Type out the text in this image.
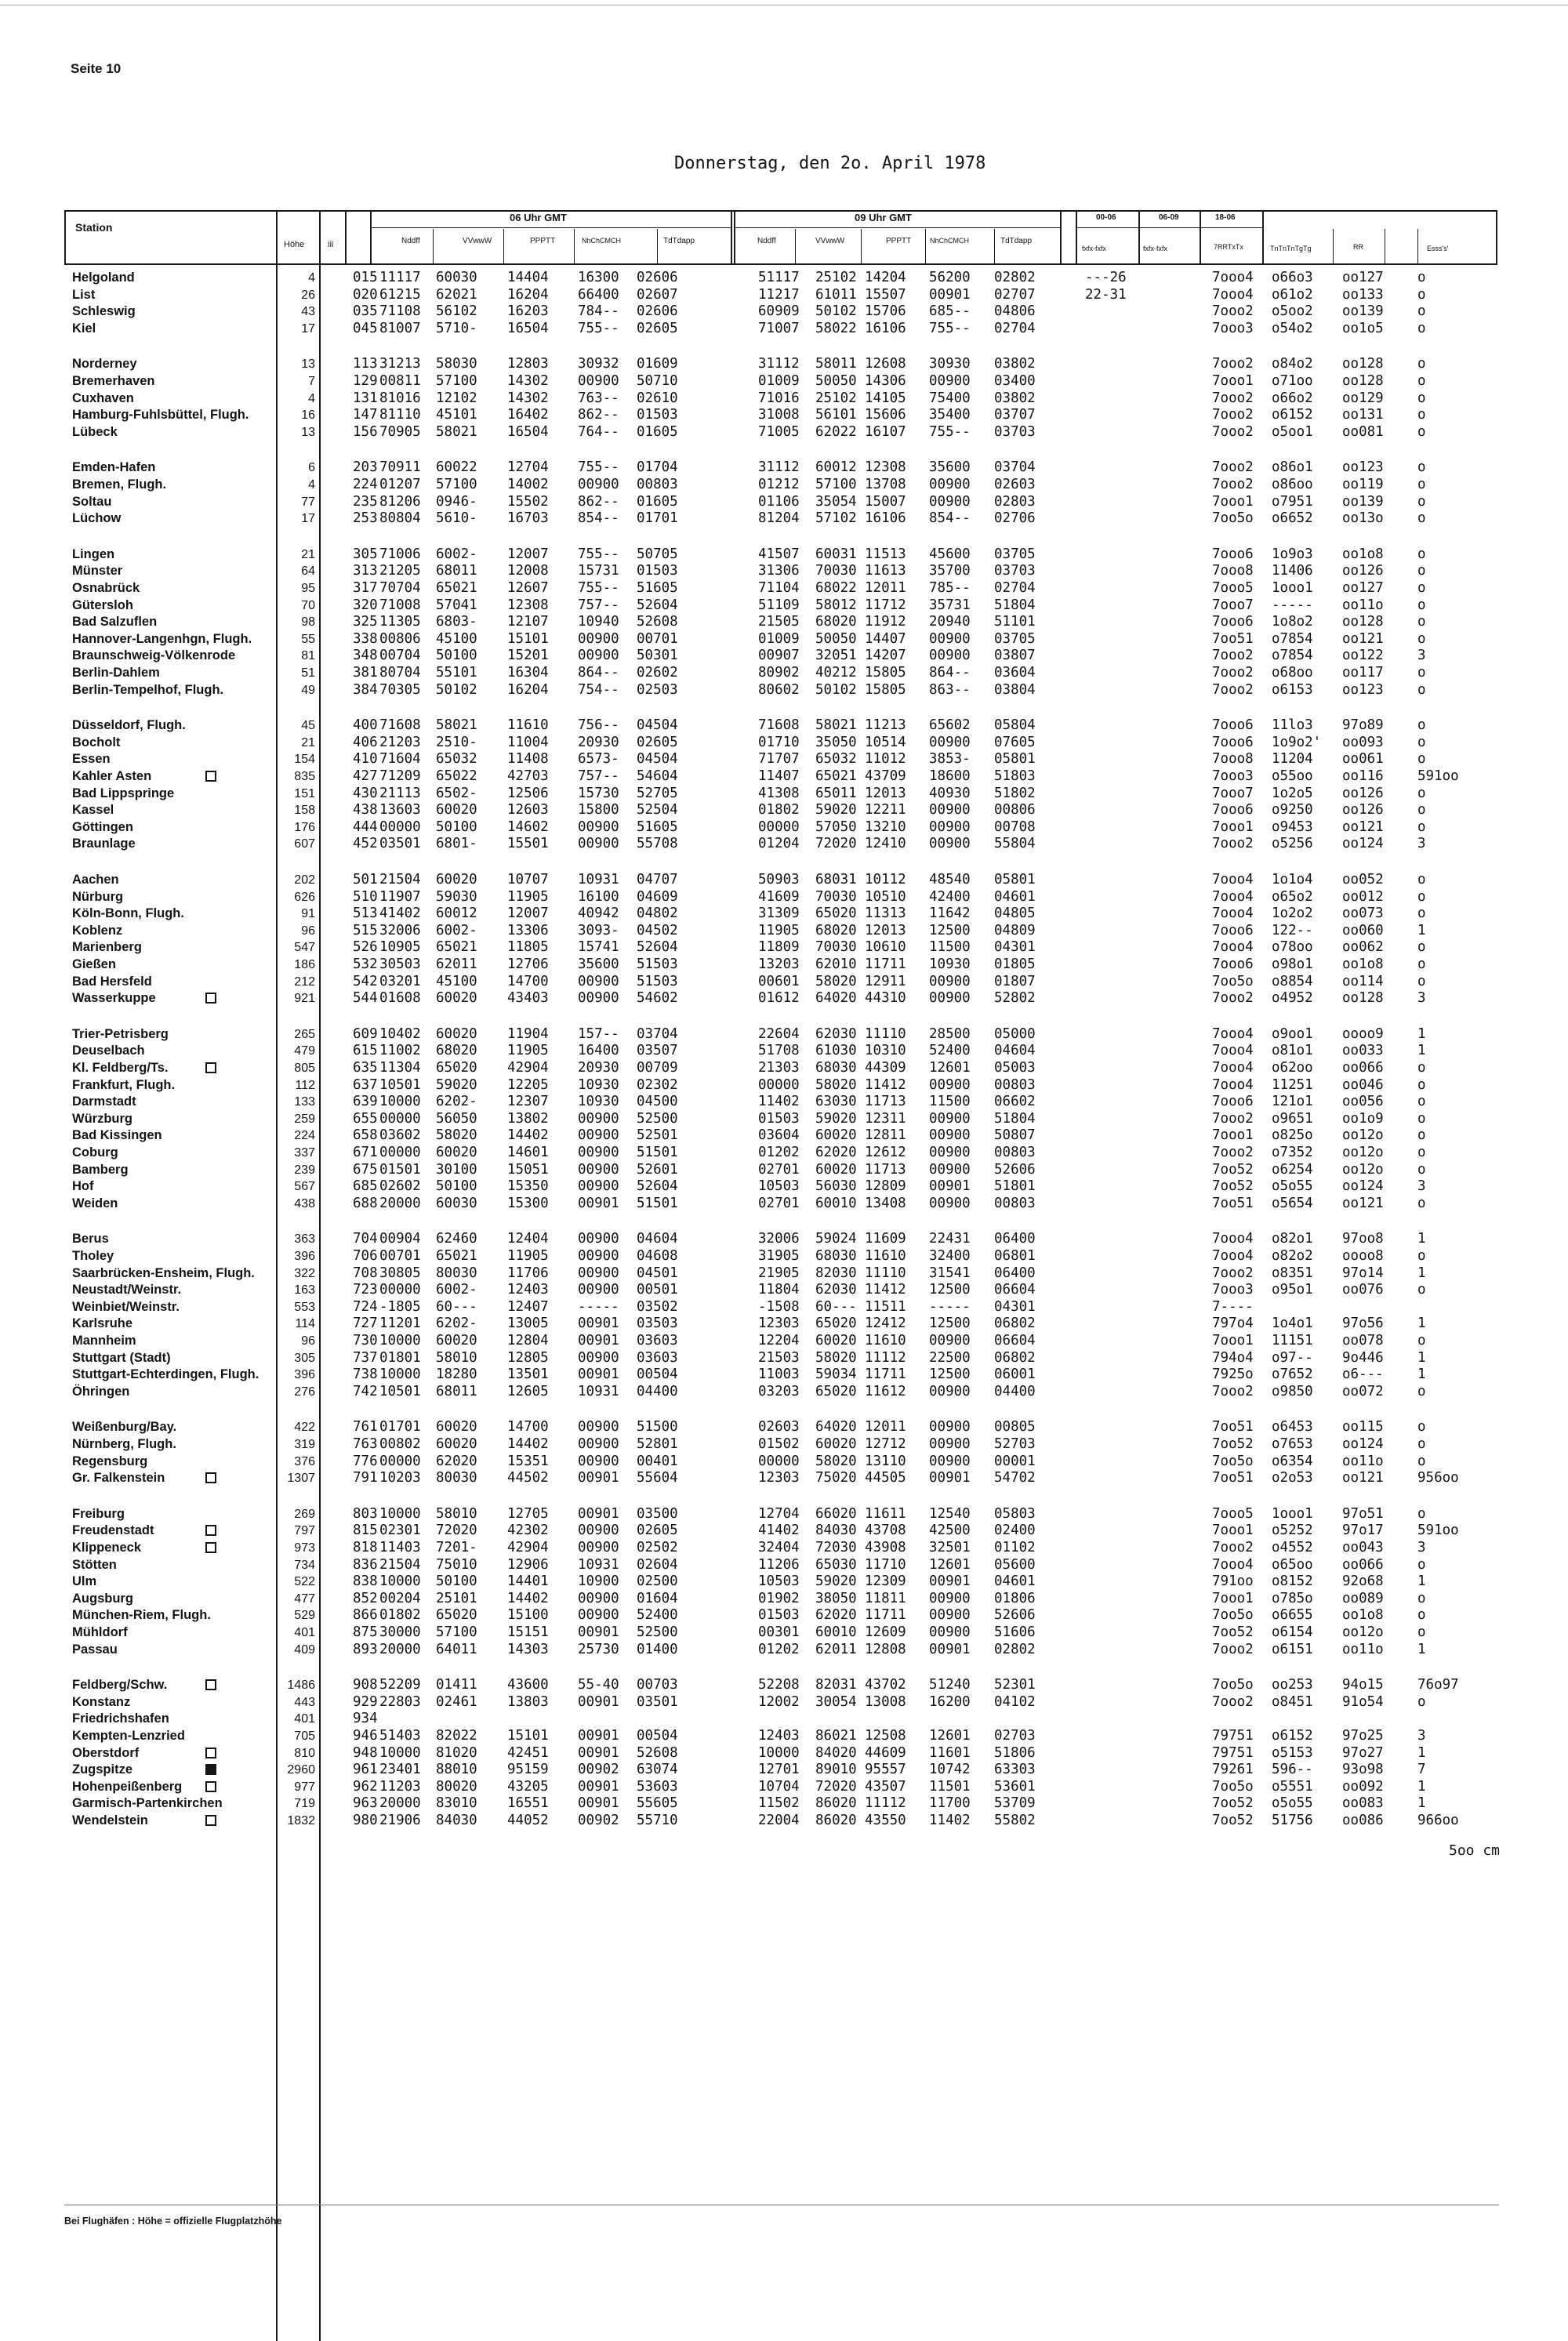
Seite 10
Donnerstag, den 2o. April 1978
Station
Höhe	iii
06 Uhr GMT	09 Uhr GMT
Nddff	VVwwW	PPPTT	NhChCMCH	TdTdapp	Nddff	VVwwW	PPPTT	NhChCMCH	TdTdapp
00-06	06-09	18-06
fxfx-fxfx	fxfx-fxfx	7RRTxTx	TnTnTnTgTg	RR	Esss's'
Helgoland	4	015 11117 60030 14404 16300 02606	51117 25102 14204 56200 02802	---26	7ooo4 o66o3 oo127 o
List	26	020 61215 62021 16204 66400 02607	11217 61011 15507 00901 02707	22-31	7ooo4 o61o2 oo133 o
Schleswig	43	035 71108 56102 16203 784-- 02606	60909 50102 15706 685-- 04806	7ooo2 o5oo2 oo139 o
Kiel	17	045 81007 5710- 16504 755-- 02605	71007 58022 16106 755-- 02704	7ooo3 o54o2 oo1o5 o
Norderney	13	113 31213 58030 12803 30932 01609	31112 58011 12608 30930 03802	7ooo2 o84o2 oo128 o
Bremerhaven	7	129 00811 57100 14302 00900 50710	01009 50050 14306 00900 03400	7ooo1 o71oo oo128 o
Cuxhaven	4	131 81016 12102 14302 763-- 02610	71016 25102 14105 75400 03802	7ooo2 o66o2 oo129 o
Hamburg-Fuhlsbüttel, Flugh.	16	147 81110 45101 16402 862-- 01503	31008 56101 15606 35400 03707	7ooo2 o6152 oo131 o
Lübeck	13	156 70905 58021 16504 764-- 01605	71005 62022 16107 755-- 03703	7ooo2 o5oo1 oo081 o
Emden-Hafen	6	203 70911 60022 12704 755-- 01704	31112 60012 12308 35600 03704	7ooo2 o86o1 oo123 o
Bremen, Flugh.	4	224 01207 57100 14002 00900 00803	01212 57100 13708 00900 02603	7ooo2 o86oo oo119 o
Soltau	77	235 81206 0946- 15502 862-- 01605	01106 35054 15007 00900 02803	7ooo1 o7951 oo139 o
Lüchow	17	253 80804 5610- 16703 854-- 01701	81204 57102 16106 854-- 02706	7oo5o o6652 oo13o o
Lingen	21	305 71006 6002- 12007 755-- 50705	41507 60031 11513 45600 03705	7ooo6 1o9o3 oo1o8 o
Münster	64	313 21205 68011 12008 15731 01503	31306 70030 11613 35700 03703	7ooo8 11406 oo126 o
Osnabrück	95	317 70704 65021 12607 755-- 51605	71104 68022 12011 785-- 02704	7ooo5 1ooo1 oo127 o
Gütersloh	70	320 71008 57041 12308 757-- 52604	51109 58012 11712 35731 51804	7ooo7 ----- oo11o o
Bad Salzuflen	98	325 11305 6803- 12107 10940 52608	21505 68020 11912 20940 51101	7ooo6 1o8o2 oo128 o
Hannover-Langenhgn, Flugh.	55	338 00806 45100 15101 00900 00701	01009 50050 14407 00900 03705	7oo51 o7854 oo121 o
Braunschweig-Völkenrode	81	348 00704 50100 15201 00900 50301	00907 32051 14207 00900 03807	7ooo2 o7854 oo122 3
Berlin-Dahlem	51	381 80704 55101 16304 864-- 02602	80902 40212 15805 864-- 03604	7ooo2 o68oo oo117 o
Berlin-Tempelhof, Flugh.	49	384 70305 50102 16204 754-- 02503	80602 50102 15805 863-- 03804	7ooo2 o6153 oo123 o
Düsseldorf, Flugh.	45	400 71608 58021 11610 756-- 04504	71608 58021 11213 65602 05804	7ooo6 11lo3 97o89 o
Bocholt	21	406 21203 2510- 11004 20930 02605	01710 35050 10514 00900 07605	7ooo6 1o9o2' oo093 o
Essen	154	410 71604 65032 11408 6573- 04504	71707 65032 11012 3853- 05801	7ooo8 11204 oo061 o
Kahler Asten	835	427 71209 65022 42703 757-- 54604	11407 65021 43709 18600 51803	7ooo3 o55oo oo116 591oo
Bad Lippspringe	151	430 21113 6502- 12506 15730 52705	41308 65011 12013 40930 51802	7ooo7 1o2o5 oo126 o
Kassel	158	438 13603 60020 12603 15800 52504	01802 59020 12211 00900 00806	7ooo6 o9250 oo126 o
Göttingen	176	444 00000 50100 14602 00900 51605	00000 57050 13210 00900 00708	7ooo1 o9453 oo121 o
Braunlage	607	452 03501 6801- 15501 00900 55708	01204 72020 12410 00900 55804	7ooo2 o5256 oo124 3
Aachen	202	501 21504 60020 10707 10931 04707	50903 68031 10112 48540 05801	7ooo4 1o1o4 oo052 o
Nürburg	626	510 11907 59030 11905 16100 04609	41609 70030 10510 42400 04601	7ooo4 o65o2 oo012 o
Köln-Bonn, Flugh.	91	513 41402 60012 12007 40942 04802	31309 65020 11313 11642 04805	7ooo4 1o2o2 oo073 o
Koblenz	96	515 32006 6002- 13306 3093- 04502	11905 68020 12013 12500 04809	7ooo6 122-- oo060 1
Marienberg	547	526 10905 65021 11805 15741 52604	11809 70030 10610 11500 04301	7ooo4 o78oo oo062 o
Gießen	186	532 30503 62011 12706 35600 51503	13203 62010 11711 10930 01805	7ooo6 o98o1 oo1o8 o
Bad Hersfeld	212	542 03201 45100 14700 00900 51503	00601 58020 12911 00900 01807	7oo5o o8854 oo114 o
Wasserkuppe	921	544 01608 60020 43403 00900 54602	01612 64020 44310 00900 52802	7ooo2 o4952 oo128 3
Trier-Petrisberg	265	609 10402 60020 11904 157-- 03704	22604 62030 11110 28500 05000	7ooo4 o9oo1 oooo9 1
Deuselbach	479	615 11002 68020 11905 16400 03507	51708 61030 10310 52400 04604	7ooo4 o81o1 oo033 1
Kl. Feldberg/Ts.	805	635 11304 65020 42904 20930 00709	21303 68030 44309 12601 05003	7ooo4 o62oo oo066 o
Frankfurt, Flugh.	112	637 10501 59020 12205 10930 02302	00000 58020 11412 00900 00803	7ooo4 11251 oo046 o
Darmstadt	133	639 10000 6202- 12307 10930 04500	11402 63030 11713 11500 06602	7ooo6 121o1 oo056 o
Würzburg	259	655 00000 56050 13802 00900 52500	01503 59020 12311 00900 51804	7ooo2 o9651 oo1o9 o
Bad Kissingen	224	658 03602 58020 14402 00900 52501	03604 60020 12811 00900 50807	7ooo1 o825o oo12o o
Coburg	337	671 00000 60020 14601 00900 51501	01202 62020 12612 00900 00803	7ooo2 o7352 oo12o o
Bamberg	239	675 01501 30100 15051 00900 52601	02701 60020 11713 00900 52606	7oo52 o6254 oo12o o
Hof	567	685 02602 50100 15350 00900 52604	10503 56030 12809 00901 51801	7oo52 o5o55 oo124 3
Weiden	438	688 20000 60030 15300 00901 51501	02701 60010 13408 00900 00803	7oo51 o5654 oo121 o
Berus	363	704 00904 62460 12404 00900 04604	32006 59024 11609 22431 06400	7ooo4 o82o1 97oo8 1
Tholey	396	706 00701 65021 11905 00900 04608	31905 68030 11610 32400 06801	7ooo4 o82o2 oooo8 o
Saarbrücken-Ensheim, Flugh.	322	708 30805 80030 11706 00900 04501	21905 82030 11110 31541 06400	7ooo2 o8351 97o14 1
Neustadt/Weinstr.	163	723 00000 6002- 12403 00900 00501	11804 62030 11412 12500 06604	7ooo3 o95o1 oo076 o
Weinbiet/Weinstr.	553	724 -1805 60--- 12407 ----- 03502	-1508 60--- 11511 ----- 04301	7----
Karlsruhe	114	727 11201 6202- 13005 00901 03503	12303 65020 12412 12500 06802	797o4 1o4o1 97o56 1
Mannheim	96	730 10000 60020 12804 00901 03603	12204 60020 11610 00900 06604	7ooo1 11151 oo078 o
Stuttgart (Stadt)	305	737 01801 58010 12805 00900 03603	21503 58020 11112 22500 06802	794o4 o97-- 9o446 1
Stuttgart-Echterdingen, Flugh.	396	738 10000 18280 13501 00901 00504	11003 59034 11711 12500 06001	7925o o7652 o6--- 1
Öhringen	276	742 10501 68011 12605 10931 04400	03203 65020 11612 00900 04400	7ooo2 o9850 oo072 o
Weißenburg/Bay.	422	761 01701 60020 14700 00900 51500	02603 64020 12011 00900 00805	7oo51 o6453 oo115 o
Nürnberg, Flugh.	319	763 00802 60020 14402 00900 52801	01502 60020 12712 00900 52703	7oo52 o7653 oo124 o
Regensburg	376	776 00000 62020 15351 00900 00401	00000 58020 13110 00900 00001	7oo5o o6354 oo11o o
Gr. Falkenstein	1307	791 10203 80030 44502 00901 55604	12303 75020 44505 00901 54702	7oo51 o2o53 oo121 956oo
Freiburg	269	803 10000 58010 12705 00901 03500	12704 66020 11611 12540 05803	7ooo5 1ooo1 97o51 o
Freudenstadt	797	815 02301 72020 42302 00900 02605	41402 84030 43708 42500 02400	7ooo1 o5252 97o17 591oo
Klippeneck	973	818 11403 7201- 42904 00900 02502	32404 72030 43908 32501 01102	7ooo2 o4552 oo043 3
Stötten	734	836 21504 75010 12906 10931 02604	11206 65030 11710 12601 05600	7ooo4 o65oo oo066 o
Ulm	522	838 10000 50100 14401 10900 02500	10503 59020 12309 00901 04601	791oo o8152 92o68 1
Augsburg	477	852 00204 25101 14402 00900 01604	01902 38050 11811 00900 01806	7ooo1 o785o oo089 o
München-Riem, Flugh.	529	866 01802 65020 15100 00900 52400	01503 62020 11711 00900 52606	7oo5o o6655 oo1o8 o
Mühldorf	401	875 30000 57100 15151 00901 52500	00301 60010 12609 00900 51606	7oo52 o6154 oo12o o
Passau	409	893 20000 64011 14303 25730 01400	01202 62011 12808 00901 02802	7ooo2 o6151 oo11o 1
Feldberg/Schw.	1486	908 52209 01411 43600 55-40 00703	52208 82031 43702 51240 52301	7oo5o oo253 94o15 76o97
Konstanz	443	929 22803 02461 13803 00901 03501	12002 30054 13008 16200 04102	7ooo2 o8451 91o54 o
Friedrichshafen	401	934
Kempten-Lenzried	705	946 51403 82022 15101 00901 00504	12403 86021 12508 12601 02703	79751 o6152 97o25 3
Oberstdorf	810	948 10000 81020 42451 00901 52608	10000 84020 44609 11601 51806	79751 o5153 97o27 1
Zugspitze	2960	961 23401 88010 95159 00902 63074	12701 89010 95557 10742 63303	79261 596-- 93o98 7
Hohenpeißenberg	977	962 11203 80020 43205 00901 53603	10704 72020 43507 11501 53601	7oo5o o5551 oo092 1
Garmisch-Partenkirchen	719	963 20000 83010 16551 00901 55605	11502 86020 11112 11700 53709	7oo52 o5o55 oo083 1
Wendelstein	1832	980 21906 84030 44052 00902 55710	22004 86020 43550 11402 55802	7oo52 51756 oo086 966oo
5oo cm
Bei Flughäfen : Höhe = offizielle Flugplatzhöhe
